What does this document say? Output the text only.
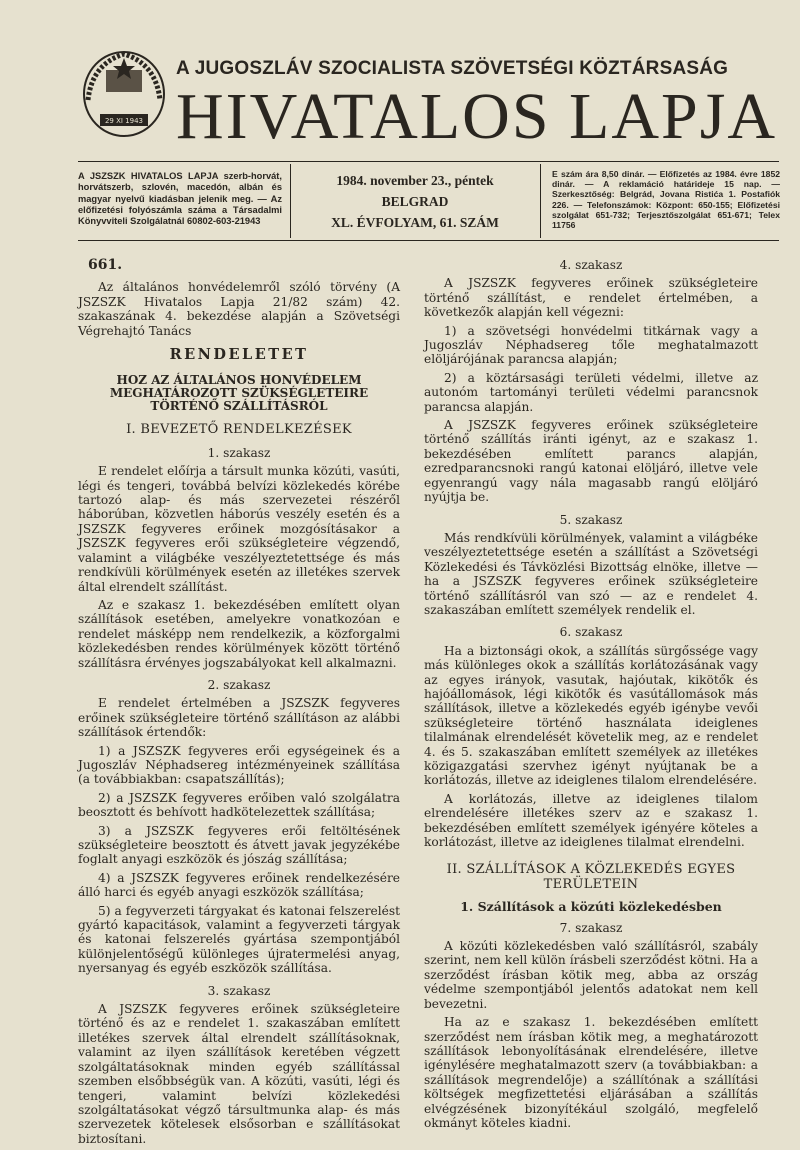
29 XI 1943
A JUGOSZLÁV SZOCIALISTA SZÖVETSÉGI KÖZTÁRSASÁG
HIVATALOS LAPJA
A JSZSZK HIVATALOS LAPJA szerb-horvát, horvátszerb, szlovén, macedón, albán és magyar nyelvű kiadásban jelenik meg. — Az előfizetési folyószámla száma a Társadalmi Könyvviteli Szolgálatnál 60802-603-21943
1984. november 23., péntek
BELGRAD
XL. ÉVFOLYAM, 61. SZÁM
E szám ára 8,50 dinár. — Előfizetés az 1984. évre 1852 dinár. — A reklamáció határideje 15 nap. — Szerkesztőség: Belgrád, Jovana Ristića 1. Postafiók 226. — Telefonszámok: Központ: 650-155; Előfizetési szolgálat 651-732; Terjesztőszolgálat 651-671; Telex 11756
661.

Az általános honvédelemről szóló törvény (A JSZSZK Hivatalos Lapja 21/82 szám) 42. szakaszának 4. bekezdése alapján a Szövetségi Végrehajtó Tanács

RENDELETET
HOZ AZ ÁLTALÁNOS HONVÉDELEM MEGHATÁROZOTT SZÜKSÉGLETEIRE TÖRTÉNŐ SZÁLLÍTÁSRÓL
I. BEVEZETŐ RENDELKEZÉSEK
1. szakasz

E rendelet előírja a társult munka közúti, vasúti, légi és tengeri, továbbá belvízi közlekedés körébe tartozó alap- és más szervezetei részéről háborúban, közvetlen háborús veszély esetén és a JSZSZK fegyveres erőinek mozgósításakor a JSZSZK fegyveres erői szükségleteire végzendő, valamint a világbéke veszélyeztetettsége és más rendkívüli körülmények esetén az illetékes szervek által elrendelt szállítást.

Az e szakasz 1. bekezdésében említett olyan szállítások esetében, amelyekre vonatkozóan e rendelet másképp nem rendelkezik, a közforgalmi közlekedésben rendes körülmények között történő szállításra érvényes jogszabályokat kell alkalmazni.

2. szakasz

E rendelet értelmében a JSZSZK fegyveres erőinek szükségleteire történő szállításon az alábbi szállítások értendők:

1) a JSZSZK fegyveres erői egységeinek és a Jugoszláv Néphadsereg intézményeinek szállítása (a továbbiakban: csapatszállítás);

2) a JSZSZK fegyveres erőiben való szolgálatra beosztott és behívott hadkötelezettek szállítása;

3) a JSZSZK fegyveres erői feltöltésének szükségleteire beosztott és átvett javak jegyzékébe foglalt anyagi eszközök és jószág szállítása;

4) a JSZSZK fegyveres erőinek rendelkezésére álló harci és egyéb anyagi eszközök szállítása;

5) a fegyverzeti tárgyakat és katonai felszerelést gyártó kapacitások, valamint a fegyverzeti tárgyak és katonai felszerelés gyártása szempontjából különjelentőségű különleges újratermelési anyag, nyersanyag és egyéb eszközök szállítása.

3. szakasz

A JSZSZK fegyveres erőinek szükségleteire történő és az e rendelet 1. szakaszában említett illetékes szervek által elrendelt szállításoknak, valamint az ilyen szállítások keretében végzett szolgáltatásoknak minden egyéb szállítással szemben elsőbbségük van. A közúti, vasúti, légi és tengeri, valamint belvízi közlekedési szolgáltatásokat végző társultmunka alap- és más szervezetek kötelesek elsősorban e szállításokat biztosítani.

4. szakasz

A JSZSZK fegyveres erőinek szükségleteire történő szállítást, e rendelet értelmében, a következők alapján kell végezni:

1) a szövetségi honvédelmi titkárnak vagy a Jugoszláv Néphadsereg tőle meghatalmazott elöljárójának parancsa alapján;

2) a köztársasági területi védelmi, illetve az autonóm tartományi területi védelmi parancsnok parancsa alapján.

A JSZSZK fegyveres erőinek szükségleteire történő szállítás iránti igényt, az e szakasz 1. bekezdésében említett parancs alapján, ezredparancsnoki rangú katonai elöljáró, illetve vele egyenrangú vagy nála magasabb rangú elöljáró nyújtja be.

5. szakasz

Más rendkívüli körülmények, valamint a világbéke veszélyeztetettsége esetén a szállítást a Szövetségi Közlekedési és Távközlési Bizottság elnöke, illetve — ha a JSZSZK fegyveres erőinek szükségleteire történő szállításról van szó — az e rendelet 4. szakaszában említett személyek rendelik el.

6. szakasz

Ha a biztonsági okok, a szállítás sürgőssége vagy más különleges okok a szállítás korlátozásának vagy az egyes irányok, vasutak, hajóutak, kikötők és hajóállomások, légi kikötők és vasútállomások más szállítások, illetve a közlekedés egyéb igénybe vevői szükségleteire történő használata ideiglenes tilalmának elrendelését követelik meg, az e rendelet 4. és 5. szakaszában említett személyek az illetékes közigazgatási szervhez igényt nyújtanak be a korlátozás, illetve az ideiglenes tilalom elrendelésére.

A korlátozás, illetve az ideiglenes tilalom elrendelésére illetékes szerv az e szakasz 1. bekezdésében említett személyek igényére köteles a korlátozást, illetve az ideiglenes tilalmat elrendelni.

II. SZÁLLÍTÁSOK A KÖZLEKEDÉS EGYES TERÜLETEIN
1. Szállítások a közúti közlekedésben
7. szakasz

A közúti közlekedésben való szállításról, szabály szerint, nem kell külön írásbeli szerződést kötni. Ha a szerződést írásban kötik meg, abba az ország védelme szempontjából jelentős adatokat nem kell bevezetni.

Ha az e szakasz 1. bekezdésében említett szerződést nem írásban kötik meg, a meghatározott szállítások lebonyolításának elrendelésére, illetve igénylésére meghatalmazott szerv (a továbbiakban: a szállítások megrendelője) a szállítónak a szállítási költségek megfizettetési eljárásában a szállítás elvégzésének bizonyítékául szolgáló, megfelelő okmányt köteles kiadni.
